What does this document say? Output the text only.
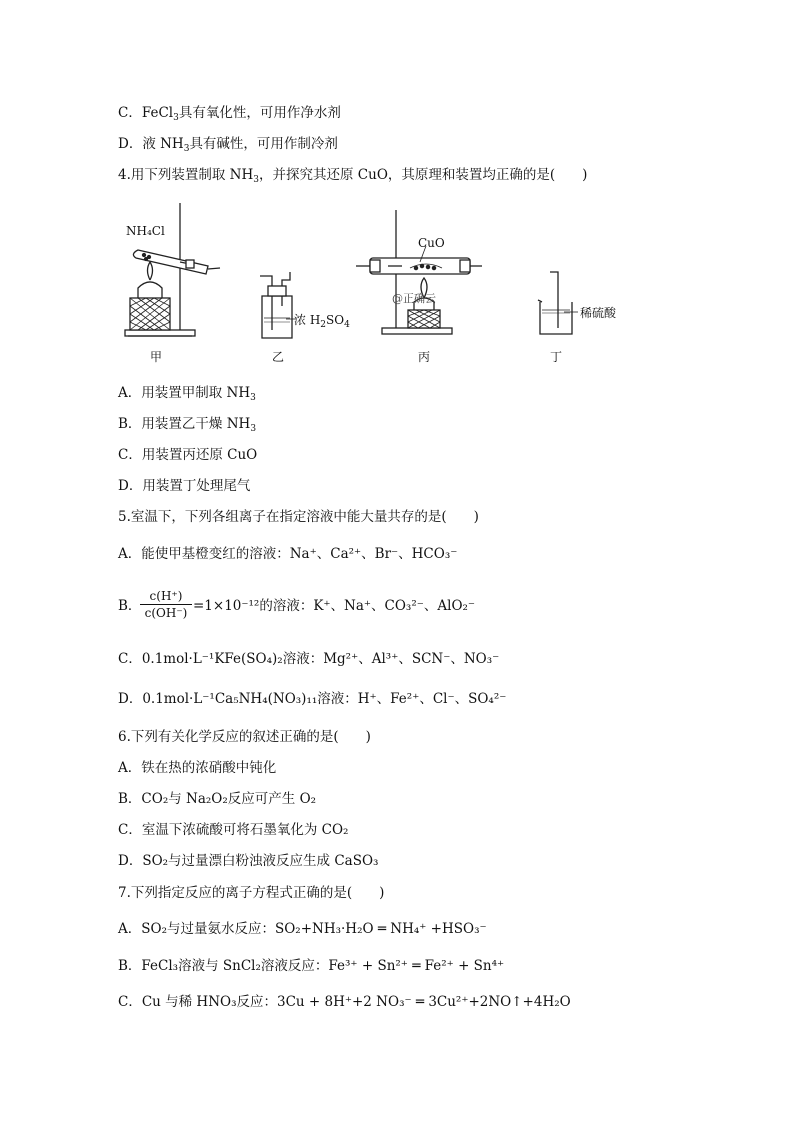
C．FeCl$_3$具有氧化性，可用作净水剂
D．液 $NH_3$具有碱性，可用作制冷剂
4.用下列装置制取 $NH_3$，并探究其还原 CuO，其原理和装置均正确的是(　　)
NH₄Cl
浓 $H_2SO_4$
CuO
@正确云
稀硫酸
甲	乙	丙	丁
A．用装置甲制取 $NH_3$
B．用装置乙干燥 $NH_3$
C．用装置丙还原 CuO
D．用装置丁处理尾气
5.室温下，下列各组离子在指定溶液中能大量共存的是(　　)
A．能使甲基橙变红的溶液：Na⁺、Ca²⁺、Br⁻、HCO₃⁻
B．
$\frac{c(H^+)}{c(OH^-)} =1\times 10^{-12}$的溶液：K⁺、Na⁺、CO₃²⁻、AlO₂⁻
C．0.1mol·L⁻¹KFe(SO₄)₂溶液：Mg²⁺、Al³⁺、SCN⁻、NO₃⁻
D．0.1mol·L⁻¹Ca₅NH₄(NO₃)₁₁溶液：H⁺、Fe²⁺、Cl⁻、SO₄²⁻
6.下列有关化学反应的叙述正确的是(　　)
A．铁在热的浓硝酸中钝化
B．CO₂与 Na₂O₂反应可产生 O₂
C．室温下浓硫酸可将石墨氧化为 CO₂
D．SO₂与过量漂白粉浊液反应生成 CaSO₃
7.下列指定反应的离子方程式正确的是(　　)
A．SO₂与过量氨水反应：SO₂+NH₃·H₂O ═ NH₄⁺ +HSO₃⁻
B．FeCl₃溶液与 SnCl₂溶液反应：Fe³⁺ + Sn²⁺ ═ Fe²⁺ + Sn⁴⁺
C．Cu 与稀 HNO₃反应：3Cu + 8H⁺+2 NO₃⁻ ═ 3Cu²⁺+2NO↑+4H₂O
